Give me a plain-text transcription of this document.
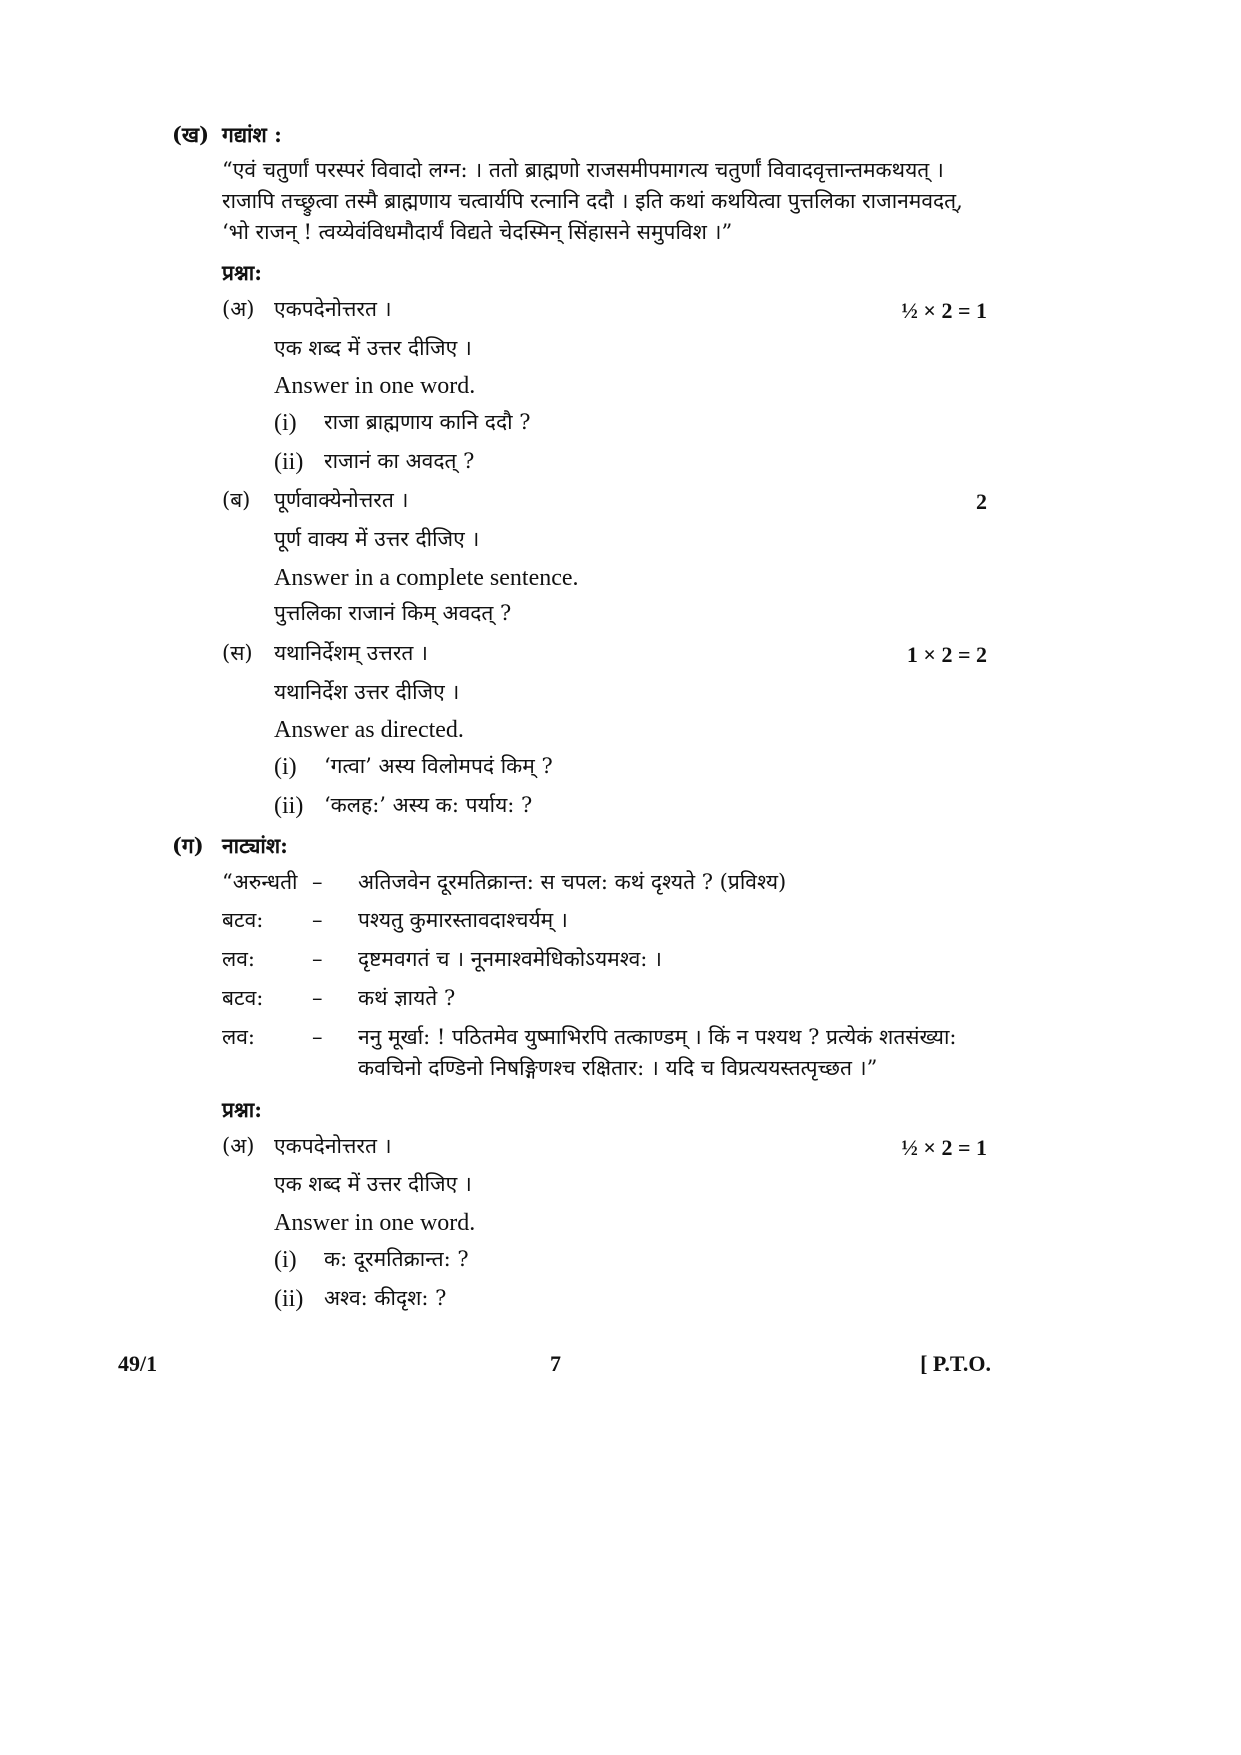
(ख) गद्यांश :
“एवं चतुर्णां परस्परं विवादो लग्न: । ततो ब्राह्मणो राजसमीपमागत्य चतुर्णां विवादवृत्तान्तमकथयत् ।
राजापि तच्छ्रुत्वा तस्मै ब्राह्मणाय चत्वार्यपि रत्नानि ददौ । इति कथां कथयित्वा पुत्तलिका राजानमवदत्,
‘भो राजन् ! त्वय्येवंविधमौदार्यं विद्यते चेदस्मिन् सिंहासने समुपविश ।”
प्रश्ना:
(अ) एकपदेनोत्तरत ।	½ × 2 = 1
एक शब्द में उत्तर दीजिए ।
Answer in one word.
(i) राजा ब्राह्मणाय कानि ददौ ?
(ii) राजानं का अवदत् ?
(ब) पूर्णवाक्येनोत्तरत ।	2
पूर्ण वाक्य में उत्तर दीजिए ।
Answer in a complete sentence.
पुत्तलिका राजानं किम् अवदत् ?
(स) यथानिर्देशम् उत्तरत ।	1 × 2 = 2
यथानिर्देश उत्तर दीजिए ।
Answer as directed.
(i) ‘गत्वा’ अस्य विलोमपदं किम् ?
(ii) ‘कलह:’ अस्य क: पर्याय: ?
(ग) नाट्यांश:
“अरुन्धती – अतिजवेन दूरमतिक्रान्त: स चपल: कथं दृश्यते ? (प्रविश्य)
बटव: – पश्यतु कुमारस्तावदाश्चर्यम् ।
लव:	– दृष्टमवगतं च । नूनमाश्वमेधिकोऽयमश्व: ।
बटव: – कथं ज्ञायते ?
लव:	– ननु मूर्खा: ! पठितमेव युष्माभिरपि तत्काण्डम् । किं न पश्यथ ? प्रत्येकं शतसंख्या:
कवचिनो दण्डिनो निषङ्गिणश्च रक्षितार: । यदि च विप्रत्ययस्तत्पृच्छत ।”
प्रश्ना:
(अ) एकपदेनोत्तरत ।	½ × 2 = 1
एक शब्द में उत्तर दीजिए ।
Answer in one word.
(i) क: दूरमतिक्रान्त: ?
(ii) अश्व: कीदृश: ?
49/1	7	[ P.T.O.
